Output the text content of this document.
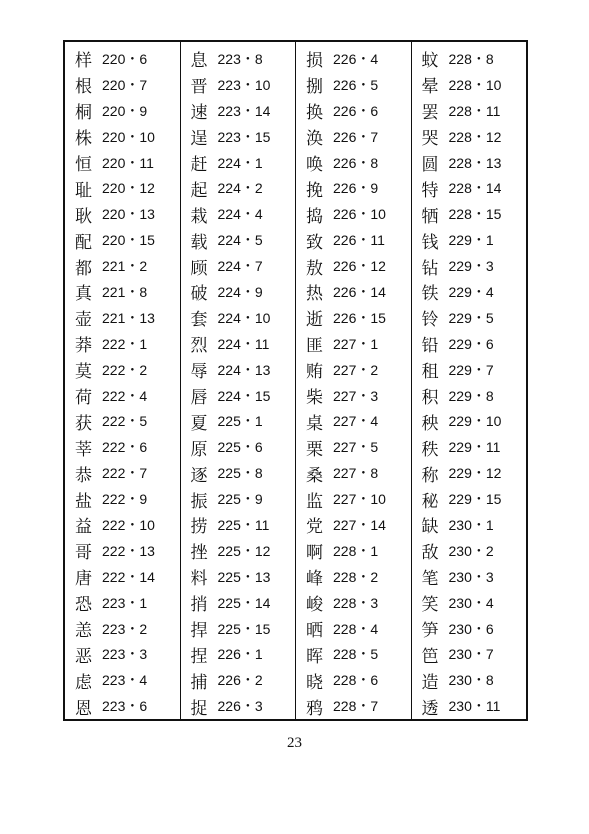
样 220・6
根 220・7
桐 220・9
株 220・10
恒 220・11
耻 220・12
耿 220・13
配 220・15
都 221・2
真 221・8
壶 221・13
莽 222・1
莫 222・2
荷 222・4
获 222・5
莘 222・6
恭 222・7
盐 222・9
益 222・10
哥 222・13
唐 222・14
恐 223・1
恙 223・2
恶 223・3
虑 223・4
恩 223・6
息 223・8
晋 223・10
速 223・14
逞 223・15
赶 224・1
起 224・2
栽 224・4
载 224・5
顾 224・7
破 224・9
套 224・10
烈 224・11
辱 224・13
唇 224・15
夏 225・1
原 225・6
逐 225・8
振 225・9
捞 225・11
挫 225・12
料 225・13
捎 225・14
捍 225・15
捏 226・1
捕 226・2
捉 226・3
损 226・4
捌 226・5
换 226・6
涣 226・7
唤 226・8
挽 226・9
捣 226・10
致 226・11
敖 226・12
热 226・14
逝 226・15
匪 227・1
贿 227・2
柴 227・3
桌 227・4
栗 227・5
桑 227・8
监 227・10
党 227・14
啊 228・1
峰 228・2
峻 228・3
晒 228・4
晖 228・5
晓 228・6
鸦 228・7
蚊 228・8
晕 228・10
罢 228・11
哭 228・12
圆 228・13
特 228・14
牺 228・15
钱 229・1
钻 229・3
铁 229・4
铃 229・5
铅 229・6
租 229・7
积 229・8
秧 229・10
秩 229・11
称 229・12
秘 229・15
缺 230・1
敌 230・2
笔 230・3
笑 230・4
笋 230・6
笆 230・7
造 230・8
透 230・11
23
